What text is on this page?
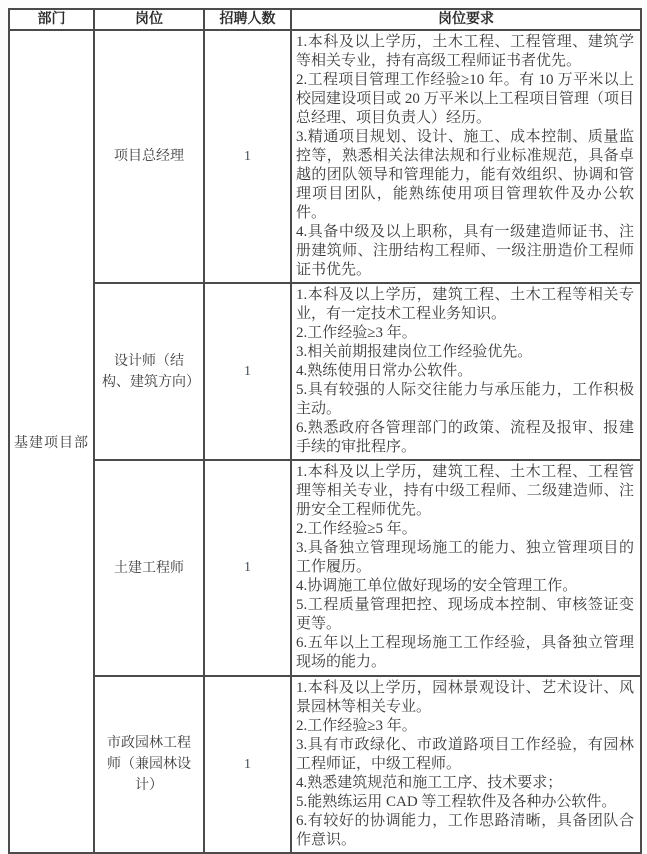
部门	岗位	招聘人数	岗位要求
基建项目部	项目总经理	1	1.本科及以上学历，土木工程、工程管理、建筑学等相关专业，持有高级工程师证书者优先。
2.工程项目管理工作经验≥10 年。有 10 万平米以上校园建设项目或 20 万平米以上工程项目管理（项目总经理、项目负责人）经历。
3.精通项目规划、设计、施工、成本控制、质量监控等，熟悉相关法律法规和行业标准规范，具备卓越的团队领导和管理能力，能有效组织、协调和管理项目团队，能熟练使用项目管理软件及办公软件。
4.具备中级及以上职称，具有一级建造师证书、注册建筑师、注册结构工程师、一级注册造价工程师证书优先。

设计师（结构、建筑方向）	1	
1.本科及以上学历，建筑工程、土木工程等相关专业，有一定技术工程业务知识。
2.工作经验≥3 年。
3.相关前期报建岗位工作经验优先。
4.熟练使用日常办公软件。
5.具有较强的人际交往能力与承压能力，工作积极主动。
6.熟悉政府各管理部门的政策、流程及报审、报建手续的审批程序。

土建工程师	1	
1.本科及以上学历，建筑工程、土木工程、工程管理等相关专业，持有中级工程师、二级建造师、注册安全工程师优先。
2.工作经验≥5 年。
3.具备独立管理现场施工的能力、独立管理项目的工作履历。
4.协调施工单位做好现场的安全管理工作。
5.工程质量管理把控、现场成本控制、审核签证变更等。
6.五年以上工程现场施工工作经验，具备独立管理现场的能力。

市政园林工程师（兼园林设计）	1	
1.本科及以上学历，园林景观设计、艺术设计、风景园林等相关专业。
2.工作经验≥3 年。
3.具有市政绿化、市政道路项目工作经验，有园林工程师证，中级工程师。
4.熟悉建筑规范和施工工序、技术要求；
5.能熟练运用 CAD 等工程软件及各种办公软件。
6.有较好的协调能力，工作思路清晰，具备团队合作意识。
